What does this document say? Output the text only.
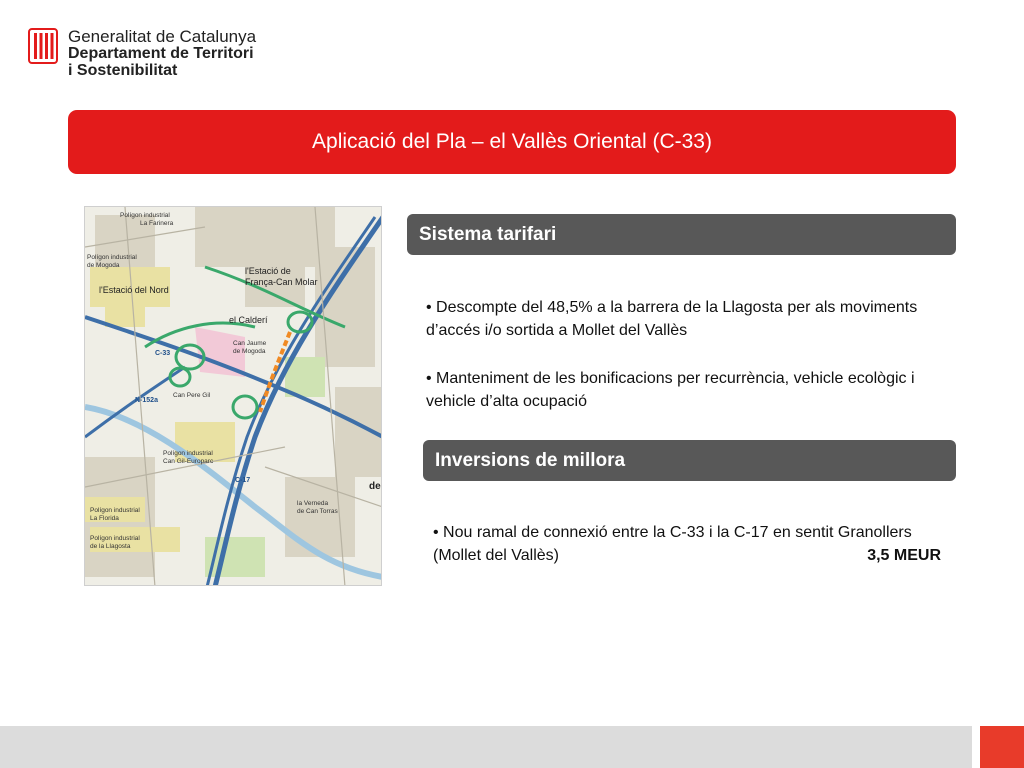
Generalitat de Catalunya
Departament de Territori
i Sostenibilitat
Aplicació del Pla – el Vallès Oriental (C-33)
Polígon industrial
La Farinera
Polígon industrial
de Mogoda
Can Jaume
de Mogoda
Can Pere Gil
Polígon industrial
Can Gil-Europarc
Polígon industrial
La Florida
Polígon industrial
de la Llagosta
la Verneda
de Can Torras
l'Estació del Nord
l'Estació de
França-Can Molar
el Calderí
C-33
C-17
N-152a
de
Sistema tarifari
• Descompte del 48,5% a la barrera de la Llagosta per als moviments d’accés i/o sortida a Mollet del Vallès
• Manteniment de les bonificacions per recurrència, vehicle ecològic i vehicle d’alta ocupació
Inversions de millora
• Nou ramal de connexió entre la C-33 i la C-17 en sentit Granollers (Mollet del Vallès)	3,5 MEUR
